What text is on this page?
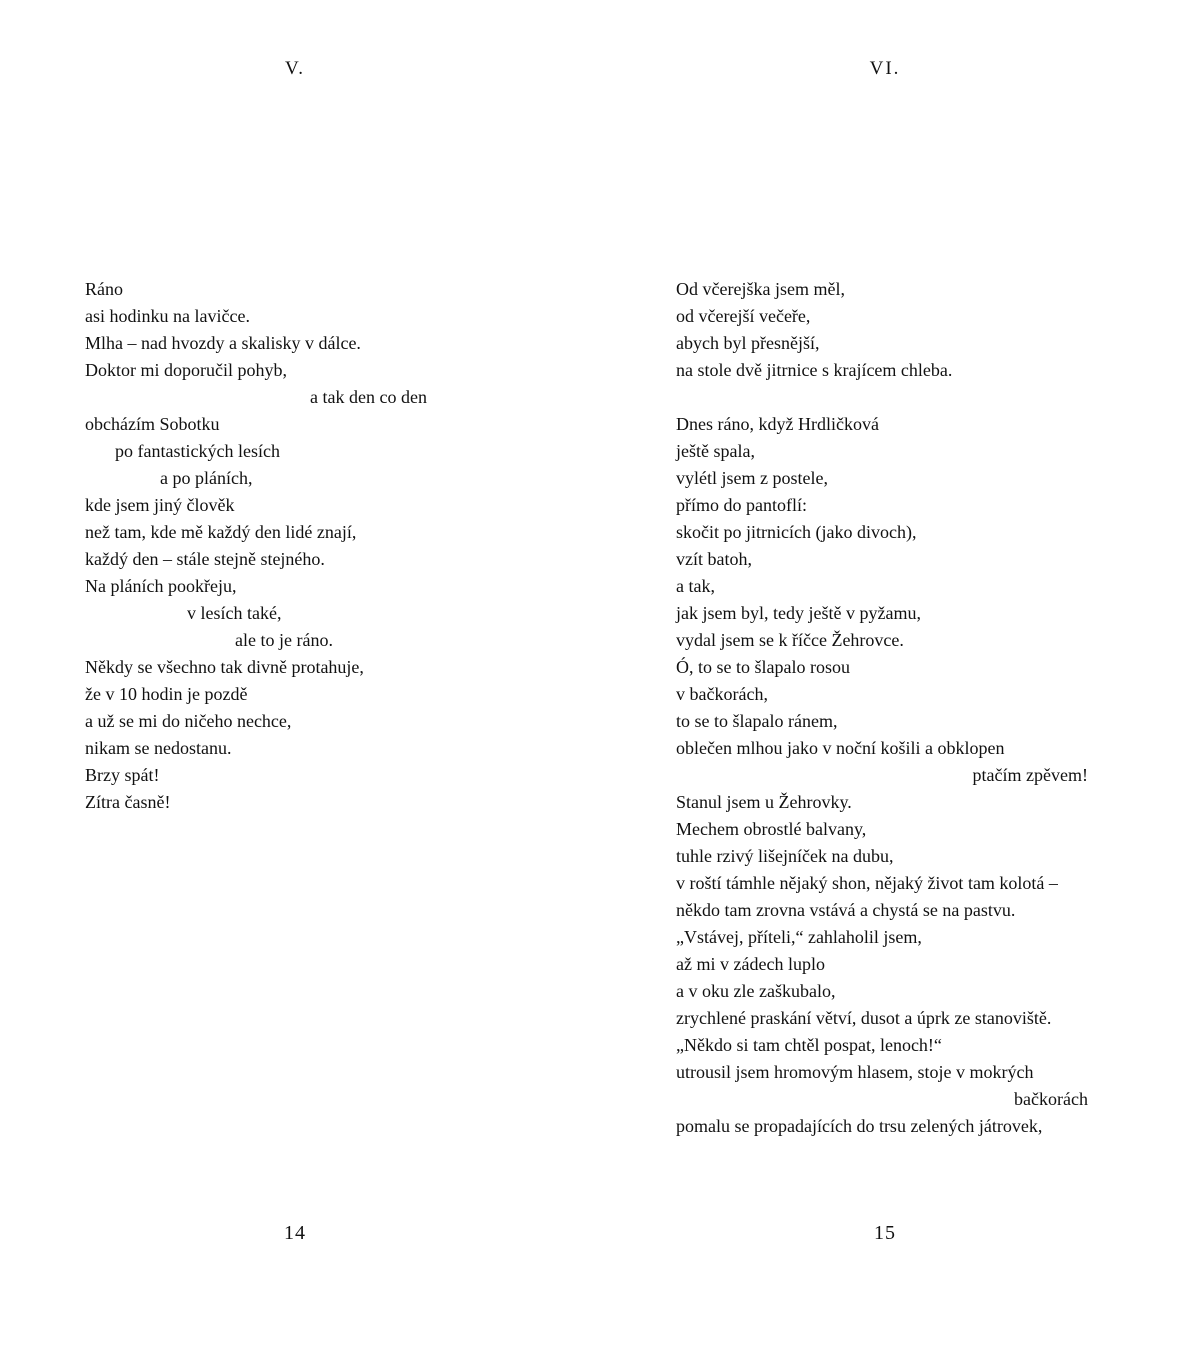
V.
Ráno
asi hodinku na lavičce.
Mlha – nad hvozdy a skalisky v dálce.
Doktor mi doporučil pohyb,
a tak den co den
obcházím Sobotku
po fantastických lesích
a po pláních,
kde jsem jiný člověk
než tam, kde mě každý den lidé znají,
každý den – stále stejně stejného.
Na pláních pookřeju,
v lesích také,
ale to je ráno.
Někdy se všechno tak divně protahuje,
že v 10 hodin je pozdě
a už se mi do ničeho nechce,
nikam se nedostanu.
Brzy spát!
Zítra časně!
14
VI.
Od včerejška jsem měl,
od včerejší večeře,
abych byl přesnější,
na stole dvě jitrnice s krajícem chleba.
Dnes ráno, když Hrdličková
ještě spala,
vylétl jsem z postele,
přímo do pantoflí:
skočit po jitrnicích (jako divoch),
vzít batoh,
a tak,
jak jsem byl, tedy ještě v pyžamu,
vydal jsem se k říčce Žehrovce.
Ó, to se to šlapalo rosou
v bačkorách,
to se to šlapalo ránem,
oblečen mlhou jako v noční košili a obklopen
ptačím zpěvem!
Stanul jsem u Žehrovky.
Mechem obrostlé balvany,
tuhle rzivý lišejníček na dubu,
v roští támhle nějaký shon, nějaký život tam kolotá –
někdo tam zrovna vstává a chystá se na pastvu.
„Vstávej, příteli,“ zahlaholil jsem,
až mi v zádech luplo
a v oku zle zaškubalo,
zrychlené praskání větví, dusot a úprk ze stanoviště.
„Někdo si tam chtěl pospat, lenoch!“
utrousil jsem hromovým hlasem, stoje v mokrých
bačkorách
pomalu se propadajících do trsu zelených játrovek,
15
